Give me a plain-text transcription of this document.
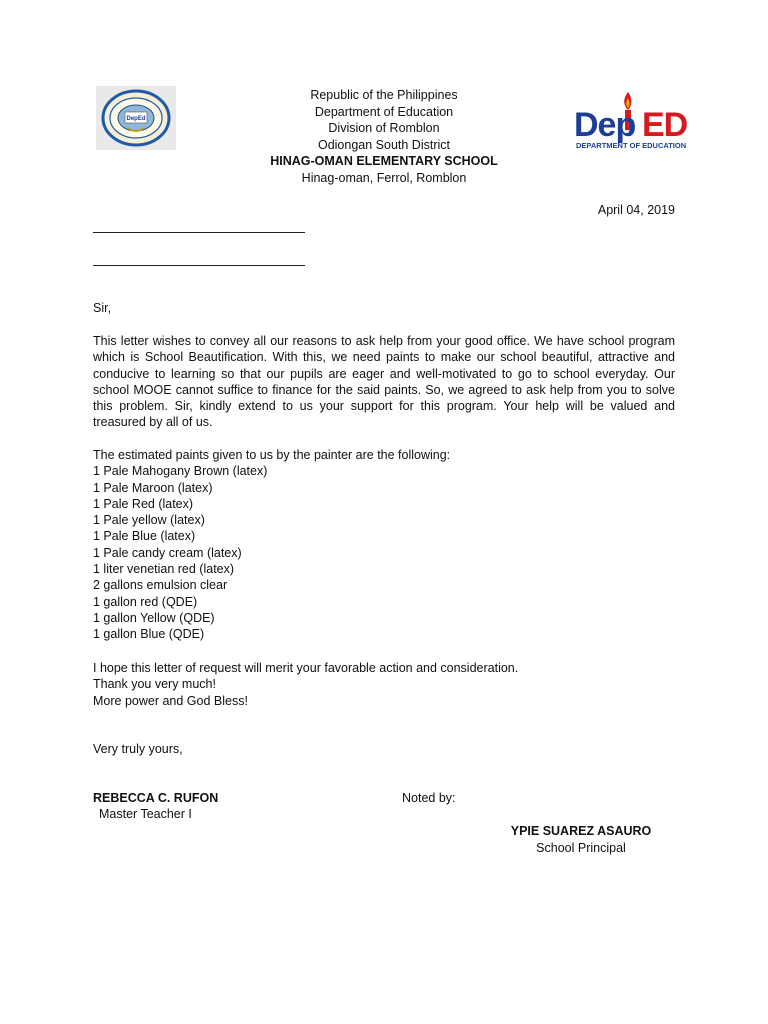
DepEd
Republic of the Philippines
Department of Education
Division of Romblon
Odiongan South District
HINAG-OMAN ELEMENTARY SCHOOL
Hinag-oman, Ferrol, Romblon
Dep ED
DEPARTMENT OF EDUCATION
April 04, 2019
Sir,
This letter wishes to convey all our reasons to ask help from your good office. We have school program which is School Beautification. With this, we need paints to make our school beautiful, attractive and conducive to learning so that our pupils are eager and well-motivated to go to school everyday. Our school MOOE cannot suffice to finance for the said paints. So, we agreed to ask help from you to solve this problem. Sir, kindly extend to us your support for this program. Your help will be valued and treasured by all of us.
The estimated paints given to us by the painter are the following:
1 Pale Mahogany Brown (latex)
1 Pale Maroon (latex)
1 Pale Red (latex)
1 Pale yellow (latex)
1 Pale Blue (latex)
1 Pale candy cream (latex)
1 liter venetian red (latex)
2 gallons emulsion clear
1 gallon red (QDE)
1 gallon Yellow (QDE)
1 gallon Blue (QDE)
I hope this letter of request will merit your favorable action and consideration.
Thank you very much!
More power and God Bless!
Very truly yours,
REBECCA C. RUFON
Master Teacher I
Noted by:
YPIE SUAREZ ASAURO
School Principal
